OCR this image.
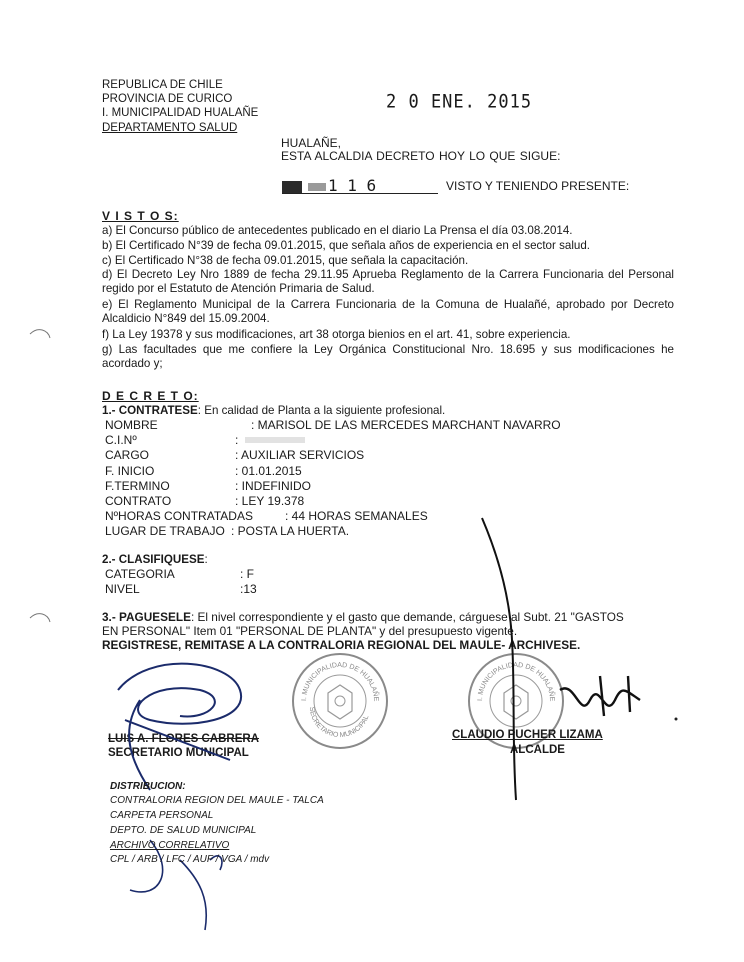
REPUBLICA DE CHILE
PROVINCIA DE CURICO
I. MUNICIPALIDAD HUALAÑE
DEPARTAMENTO SALUD
2 0 ENE. 2015
HUALAÑE,
ESTA ALCALDIA DECRETO HOY LO QUE SIGUE:
1 1 6	VISTO Y TENIENDO PRESENTE:
V I S T O S:
a) El Concurso público de antecedentes publicado en el diario La Prensa el día 03.08.2014.
b) El Certificado N°39 de fecha 09.01.2015, que señala años de experiencia en el sector salud.
c) El Certificado N°38 de fecha 09.01.2015, que señala la capacitación.
d) El Decreto Ley Nro 1889 de fecha 29.11.95 Aprueba Reglamento de la Carrera Funcionaria del Personal regido por el Estatuto de Atención Primaria de Salud.
e) El Reglamento Municipal de la Carrera Funcionaria de la Comuna de Hualañé, aprobado por Decreto Alcaldicio N°849 del 15.09.2004.
f) La Ley 19378 y sus modificaciones, art 38 otorga bienios en el art. 41, sobre experiencia.
g) Las facultades que me confiere la Ley Orgánica Constitucional Nro. 18.695 y sus modificaciones he acordado y;
D E C R E T O:
1.- CONTRATESE: En calidad de Planta a la siguiente profesional.
NOMBRE	: MARISOL DE LAS MERCEDES MARCHANT NAVARRO
C.I.Nº	:
CARGO	: AUXILIAR SERVICIOS
F. INICIO	: 01.01.2015
F.TERMINO	: INDEFINIDO
CONTRATO	: LEY 19.378
NºHORAS CONTRATADAS	: 44 HORAS SEMANALES
LUGAR DE TRABAJO : POSTA LA HUERTA.
2.- CLASIFIQUESE:
CATEGORIA	: F
NIVEL	:13
3.- PAGUESELE: El nivel correspondiente y el gasto que demande, cárguese al Subt. 21 "GASTOS
EN PERSONAL" Item 01 "PERSONAL DE PLANTA" y del presupuesto vigente.
REGISTRESE, REMITASE A LA CONTRALORIA REGIONAL DEL MAULE- ARCHIVESE.
I. MUNICIPALIDAD DE HUALAÑE
SECRETARIO MUNICIPAL
I. MUNICIPALIDAD DE HUALAÑE
LUIS A. FLORES CABRERA
SECRETARIO MUNICIPAL
CLAUDIO PUCHER LIZAMA
ALCALDE
DISTRIBUCION:
CONTRALORIA REGION DEL MAULE - TALCA
CARPETA PERSONAL
DEPTO. DE SALUD MUNICIPAL
ARCHIVO CORRELATIVO
CPL / ARB / LFC / AUF / VGA / mdv
